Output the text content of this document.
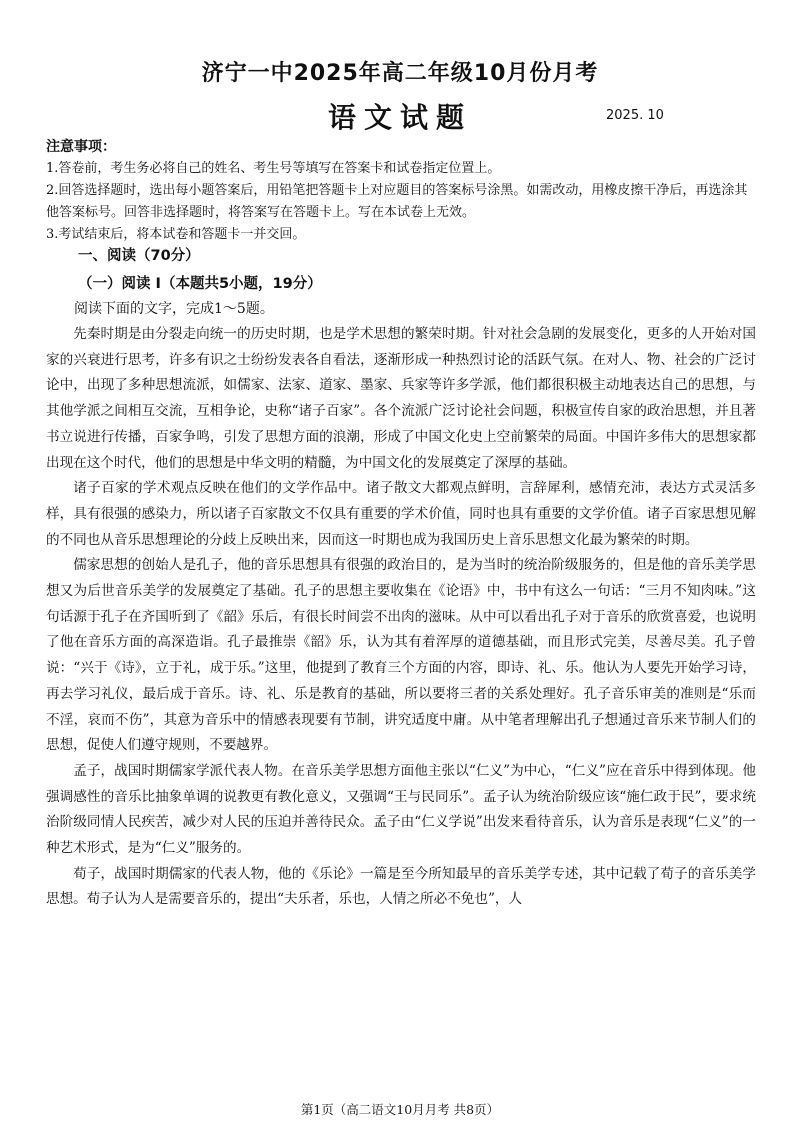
济宁一中2025年高二年级10月份月考
语文试题	2025. 10
注意事项：

1.答卷前，考生务必将自己的姓名、考生号等填写在答案卡和试卷指定位置上。

2.回答选择题时，选出每小题答案后，用铅笔把答题卡上对应题目的答案标号涂黑。如需改动，用橡皮擦干净后，再选涂其他答案标号。回答非选择题时，将答案写在答题卡上。写在本试卷上无效。

3.考试结束后，将本试卷和答题卡一并交回。

一、阅读（70分）
（一）阅读 I（本题共5小题，19分）
阅读下面的文字，完成1～5题。

先秦时期是由分裂走向统一的历史时期，也是学术思想的繁荣时期。针对社会急剧的发展变化，更多的人开始对国家的兴衰进行思考，许多有识之士纷纷发表各自看法，逐渐形成一种热烈讨论的活跃气氛。在对人、物、社会的广泛讨论中，出现了多种思想流派，如儒家、法家、道家、墨家、兵家等许多学派，他们都很积极主动地表达自己的思想，与其他学派之间相互交流，互相争论，史称“诸子百家”。各个流派广泛讨论社会问题，积极宣传自家的政治思想，并且著书立说进行传播，百家争鸣，引发了思想方面的浪潮，形成了中国文化史上空前繁荣的局面。中国许多伟大的思想家都出现在这个时代，他们的思想是中华文明的精髓，为中国文化的发展奠定了深厚的基础。

诸子百家的学术观点反映在他们的文学作品中。诸子散文大都观点鲜明，言辞犀利，感情充沛，表达方式灵活多样，具有很强的感染力，所以诸子百家散文不仅具有重要的学术价值，同时也具有重要的文学价值。诸子百家思想见解的不同也从音乐思想理论的分歧上反映出来，因而这一时期也成为我国历史上音乐思想文化最为繁荣的时期。

儒家思想的创始人是孔子，他的音乐思想具有很强的政治目的，是为当时的统治阶级服务的，但是他的音乐美学思想又为后世音乐美学的发展奠定了基础。孔子的思想主要收集在《论语》中，书中有这么一句话：“三月不知肉味。”这句话源于孔子在齐国听到了《韶》乐后，有很长时间尝不出肉的滋味。从中可以看出孔子对于音乐的欣赏喜爱，也说明了他在音乐方面的高深造诣。孔子最推崇《韶》乐，认为其有着浑厚的道德基础，而且形式完美，尽善尽美。孔子曾说：“兴于《诗》，立于礼，成于乐。”这里，他提到了教育三个方面的内容，即诗、礼、乐。他认为人要先开始学习诗，再去学习礼仪，最后成于音乐。诗、礼、乐是教育的基础，所以要将三者的关系处理好。孔子音乐审美的准则是“乐而不淫，哀而不伤”，其意为音乐中的情感表现要有节制，讲究适度中庸。从中笔者理解出孔子想通过音乐来节制人们的思想，促使人们遵守规则，不要越界。

孟子，战国时期儒家学派代表人物。在音乐美学思想方面他主张以“仁义”为中心，“仁义”应在音乐中得到体现。他强调感性的音乐比抽象单调的说教更有教化意义，又强调“王与民同乐”。孟子认为统治阶级应该“施仁政于民”，要求统治阶级同情人民疾苦，减少对人民的压迫并善待民众。孟子由“仁义学说”出发来看待音乐，认为音乐是表现“仁义”的一种艺术形式，是为“仁义”服务的。

荀子，战国时期儒家的代表人物，他的《乐论》一篇是至今所知最早的音乐美学专述，其中记载了荀子的音乐美学思想。荀子认为人是需要音乐的，提出“夫乐者，乐也，人情之所必不免也”，人

第1页（高二语文10月月考 共8页）
